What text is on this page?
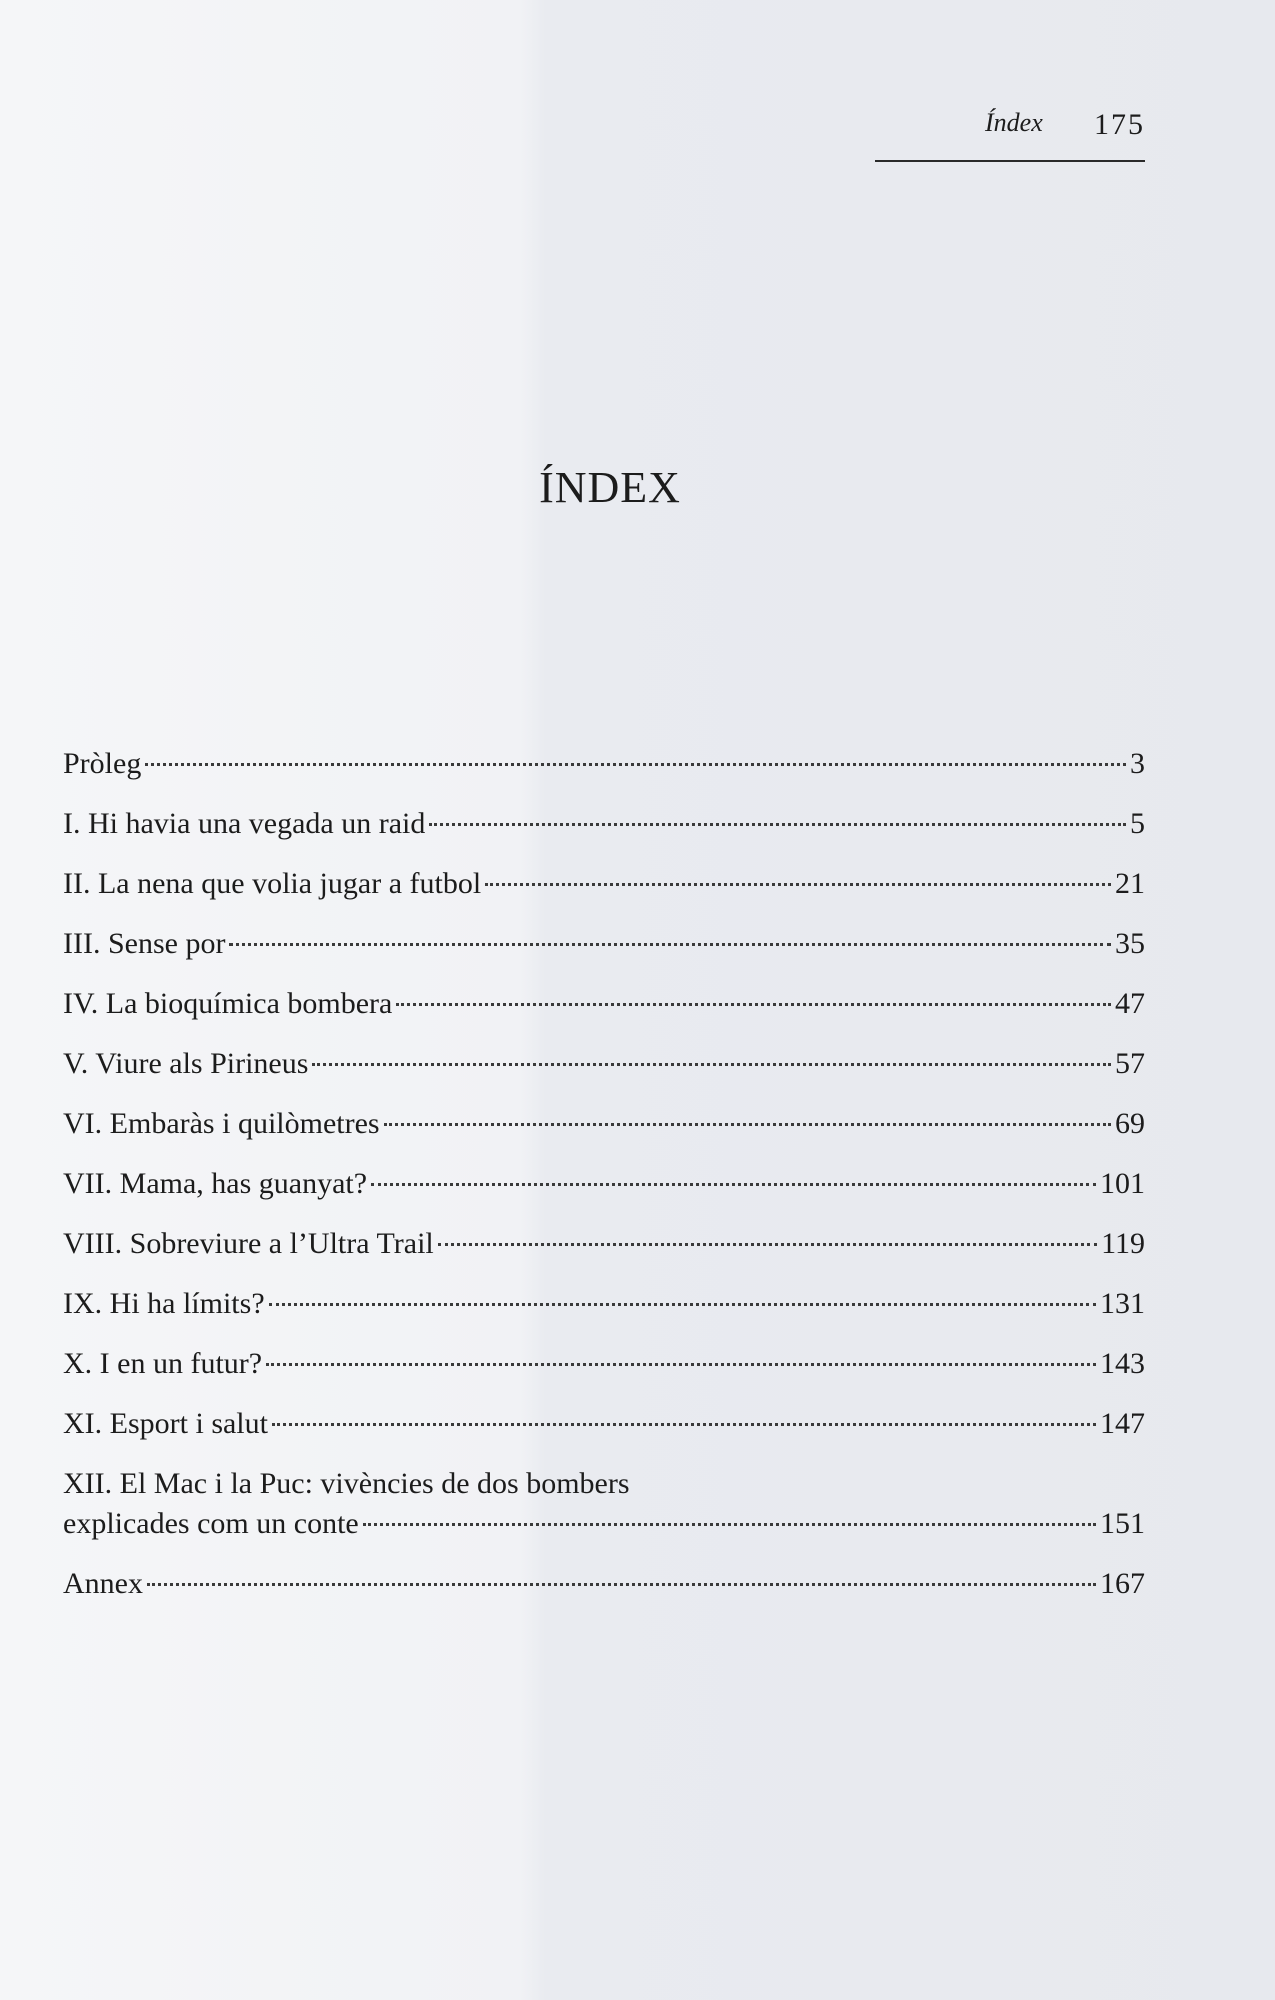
Índex 175
ÍNDEX
Pròleg	3
I. Hi havia una vegada un raid	5
II. La nena que volia jugar a futbol	21
III. Sense por	35
IV. La bioquímica bombera	47
V. Viure als Pirineus	57
VI. Embaràs i quilòmetres	69
VII. Mama, has guanyat?	101
VIII. Sobreviure a l’Ultra Trail	119
IX. Hi ha límits?	131
X. I en un futur?	143
XI. Esport i salut	147
XII. El Mac i la Puc: vivències de dos bombers
explicades com un conte	151
Annex	167
